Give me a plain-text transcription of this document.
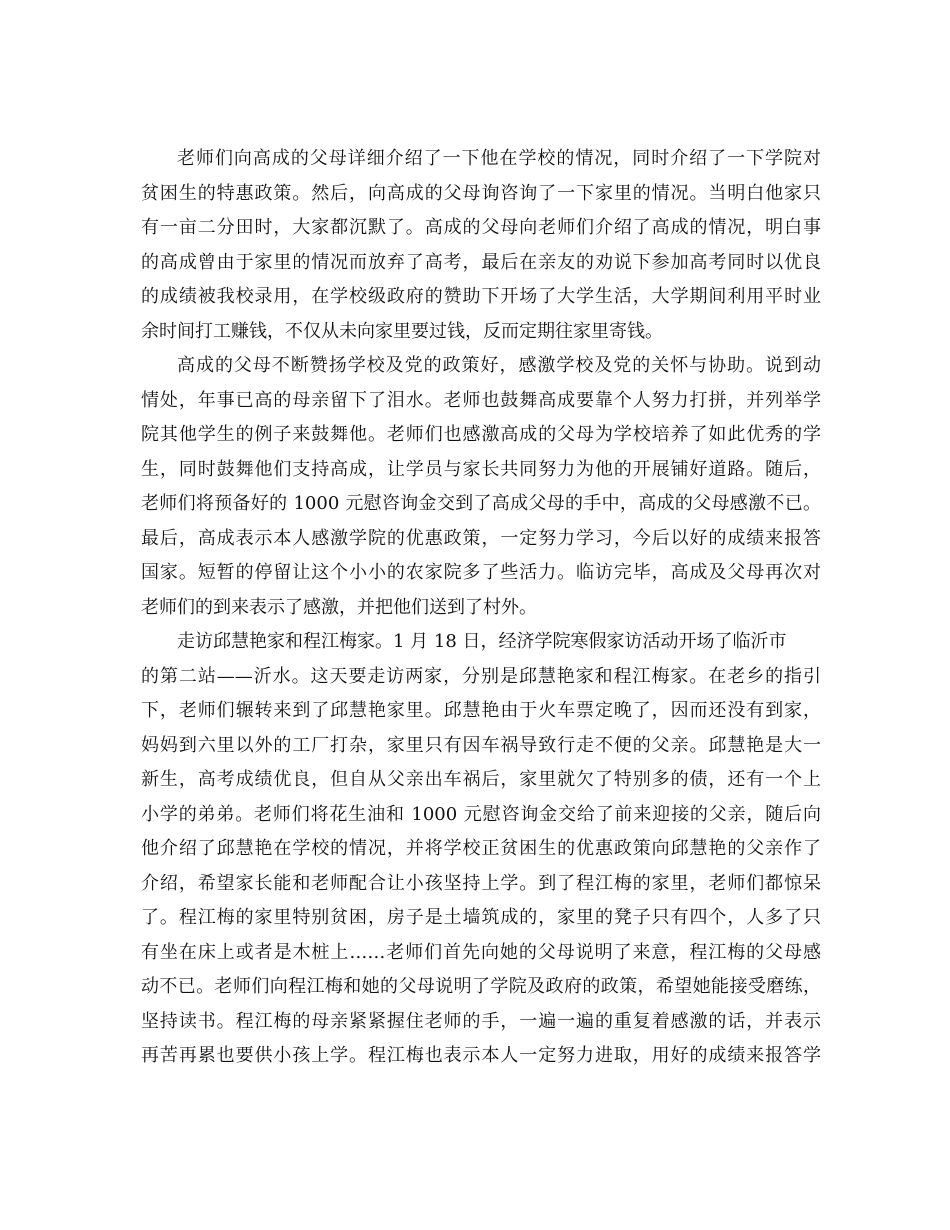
老师们向高成的父母详细介绍了一下他在学校的情况，同时介绍了一下学院对
贫困生的特惠政策。然后，向高成的父母询咨询了一下家里的情况。当明白他家只
有一亩二分田时，大家都沉默了。高成的父母向老师们介绍了高成的情况，明白事
的高成曾由于家里的情况而放弃了高考，最后在亲友的劝说下参加高考同时以优良
的成绩被我校录用，在学校级政府的赞助下开场了大学生活，大学期间利用平时业
余时间打工赚钱，不仅从未向家里要过钱，反而定期往家里寄钱。
高成的父母不断赞扬学校及党的政策好，感激学校及党的关怀与协助。说到动
情处，年事已高的母亲留下了泪水。老师也鼓舞高成要靠个人努力打拼，并列举学
院其他学生的例子来鼓舞他。老师们也感激高成的父母为学校培养了如此优秀的学
生，同时鼓舞他们支持高成，让学员与家长共同努力为他的开展铺好道路。随后，
老师们将预备好的 1000 元慰咨询金交到了高成父母的手中，高成的父母感激不已。
最后，高成表示本人感激学院的优惠政策，一定努力学习，今后以好的成绩来报答
国家。短暂的停留让这个小小的农家院多了些活力。临访完毕，高成及父母再次对
老师们的到来表示了感激，并把他们送到了村外。
走访邱慧艳家和程江梅家。1 月 18 日，经济学院寒假家访活动开场了临沂市
的第二站——沂水。这天要走访两家，分别是邱慧艳家和程江梅家。在老乡的指引
下，老师们辗转来到了邱慧艳家里。邱慧艳由于火车票定晚了，因而还没有到家，
妈妈到六里以外的工厂打杂，家里只有因车祸导致行走不便的父亲。邱慧艳是大一
新生，高考成绩优良，但自从父亲出车祸后，家里就欠了特别多的债，还有一个上
小学的弟弟。老师们将花生油和 1000 元慰咨询金交给了前来迎接的父亲，随后向
他介绍了邱慧艳在学校的情况，并将学校正贫困生的优惠政策向邱慧艳的父亲作了
介绍，希望家长能和老师配合让小孩坚持上学。到了程江梅的家里，老师们都惊呆
了。程江梅的家里特别贫困，房子是土墙筑成的，家里的凳子只有四个，人多了只
有坐在床上或者是木桩上……老师们首先向她的父母说明了来意，程江梅的父母感
动不已。老师们向程江梅和她的父母说明了学院及政府的政策，希望她能接受磨练，
坚持读书。程江梅的母亲紧紧握住老师的手，一遍一遍的重复着感激的话，并表示
再苦再累也要供小孩上学。程江梅也表示本人一定努力进取，用好的成绩来报答学
